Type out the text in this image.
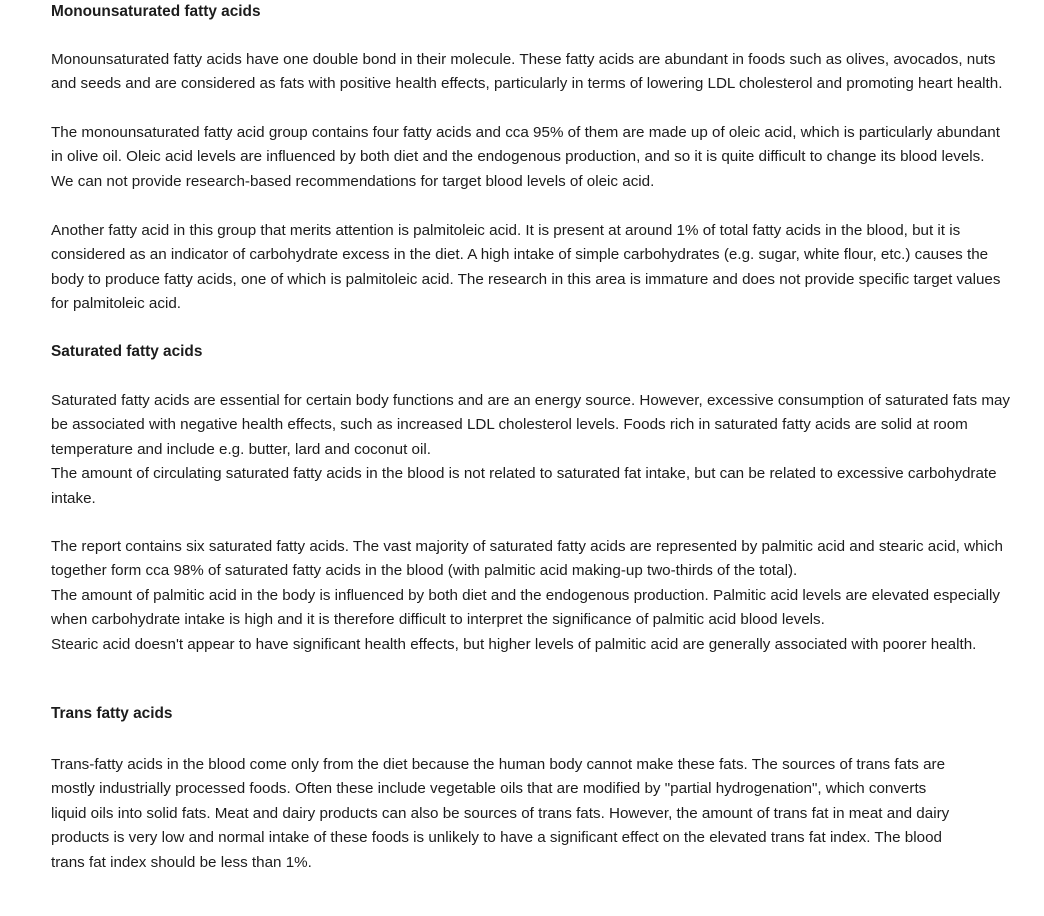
Monounsaturated fatty acids
Monounsaturated fatty acids have one double bond in their molecule. These fatty acids are abundant in foods such as olives, avocados, nuts
and seeds and are considered as fats with positive health effects, particularly in terms of lowering LDL cholesterol and promoting heart health.
The monounsaturated fatty acid group contains four fatty acids and cca 95% of them are made up of oleic acid, which is particularly abundant
in olive oil. Oleic acid levels are influenced by both diet and the endogenous production, and so it is quite difficult to change its blood levels.
We can not provide research-based recommendations for target blood levels of oleic acid.
Another fatty acid in this group that merits attention is palmitoleic acid. It is present at around 1% of total fatty acids in the blood, but it is
considered as an indicator of carbohydrate excess in the diet. A high intake of simple carbohydrates (e.g. sugar, white flour, etc.) causes the
body to produce fatty acids, one of which is palmitoleic acid. The research in this area is immature and does not provide specific target values
for palmitoleic acid.
Saturated fatty acids
Saturated fatty acids are essential for certain body functions and are an energy source. However, excessive consumption of saturated fats may
be associated with negative health effects, such as increased LDL cholesterol levels. Foods rich in saturated fatty acids are solid at room
temperature and include e.g. butter, lard and coconut oil.
The amount of circulating saturated fatty acids in the blood is not related to saturated fat intake, but can be related to excessive carbohydrate
intake.
The report contains six saturated fatty acids. The vast majority of saturated fatty acids are represented by palmitic acid and stearic acid, which
together form cca 98% of saturated fatty acids in the blood (with palmitic acid making-up two-thirds of the total).
The amount of palmitic acid in the body is influenced by both diet and the endogenous production. Palmitic acid levels are elevated especially
when carbohydrate intake is high and it is therefore difficult to interpret the significance of palmitic acid blood levels.
Stearic acid doesn't appear to have significant health effects, but higher levels of palmitic acid are generally associated with poorer health.
Trans fatty acids
Trans-fatty acids in the blood come only from the diet because the human body cannot make these fats. The sources of trans fats are
mostly industrially processed foods. Often these include vegetable oils that are modified by "partial hydrogenation", which converts
liquid oils into solid fats. Meat and dairy products can also be sources of trans fats. However, the amount of trans fat in meat and dairy
products is very low and normal intake of these foods is unlikely to have a significant effect on the elevated trans fat index. The blood
trans fat index should be less than 1%.
